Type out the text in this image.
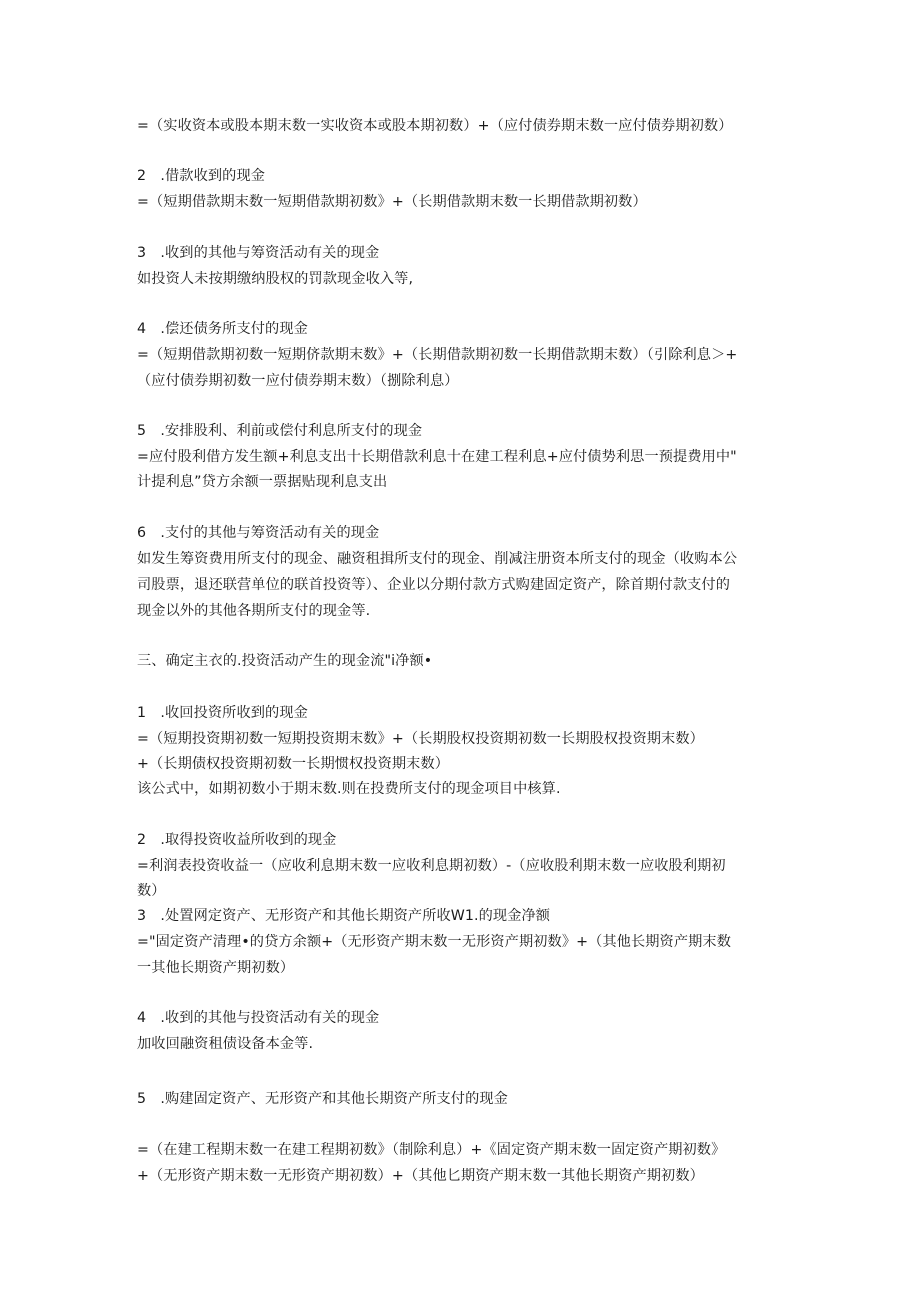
=（实收资本或股本期末数一实收资本或股本期初数）+（应付债券期末数一应付债券期初数）
2　.借款收到的现金
=（短期借款期末数一短期借款期初数》+（长期借款期末数一长期借款期初数）
3　.收到的其他与筹资活动有关的现金
如投资人未按期缴纳股权的罚款现金收入等,
4　.偿还债务所支付的现金
=（短期借款期初数一短期侪款期末数》+（长期借款期初数一长期借款期末数）（引除利息＞+
（应付债券期初数一应付债券期末数）（捌除利息）
5　.安排股利、利前或偿付利息所支付的现金
=应付股利借方发生额+利息支出十长期借款利息十在建工程利息+应付债势利思一预提费用中"
计提利息”贷方余额一票据贴现利息支出
6　.支付的其他与筹资活动有关的现金
如发生筹资费用所支付的现金、融资租揖所支付的现金、削减注册资本所支付的现金（收购本公
司股票，退还联营单位的联首投资等）、企业以分期付款方式购建固定资产，除首期付款支付的
现金以外的其他各期所支付的现金等.
三、确定主衣的.投资活动产生的现金流"i净额•
1　.收回投资所收到的现金
=（短期投资期初数一短期投资期末数》+（长期股权投资期初数一长期股权投资期末数）
+（长期债权投资期初数一长期惯权投资期末数）
该公式中，如期初数小于期末数.则在投费所支付的现金项目中核算.
2　.取得投资收益所收到的现金
=利润表投资收益一（应收利息期末数一应收利息期初数）-（应收股利期末数一应收股利期初
数）
3　.处置网定资产、无形资产和其他长期资产所收W1.的现金净额
="固定资产清理•的贷方余额+（无形资产期末数一无形资产期初数》+（其他长期资产期末数
一其他长期资产期初数）
4　.收到的其他与投资活动有关的现金
加收回融资租债设备本金等.
5　.购建固定资产、无形资产和其他长期资产所支付的现金
=（在建工程期末数一在建工程期初数》（制除利息）+《固定资产期末数一固定资产期初数》
+（无形资产期末数一无形资产期初数）+（其他匕期资产期末数一其他长期资产期初数）
